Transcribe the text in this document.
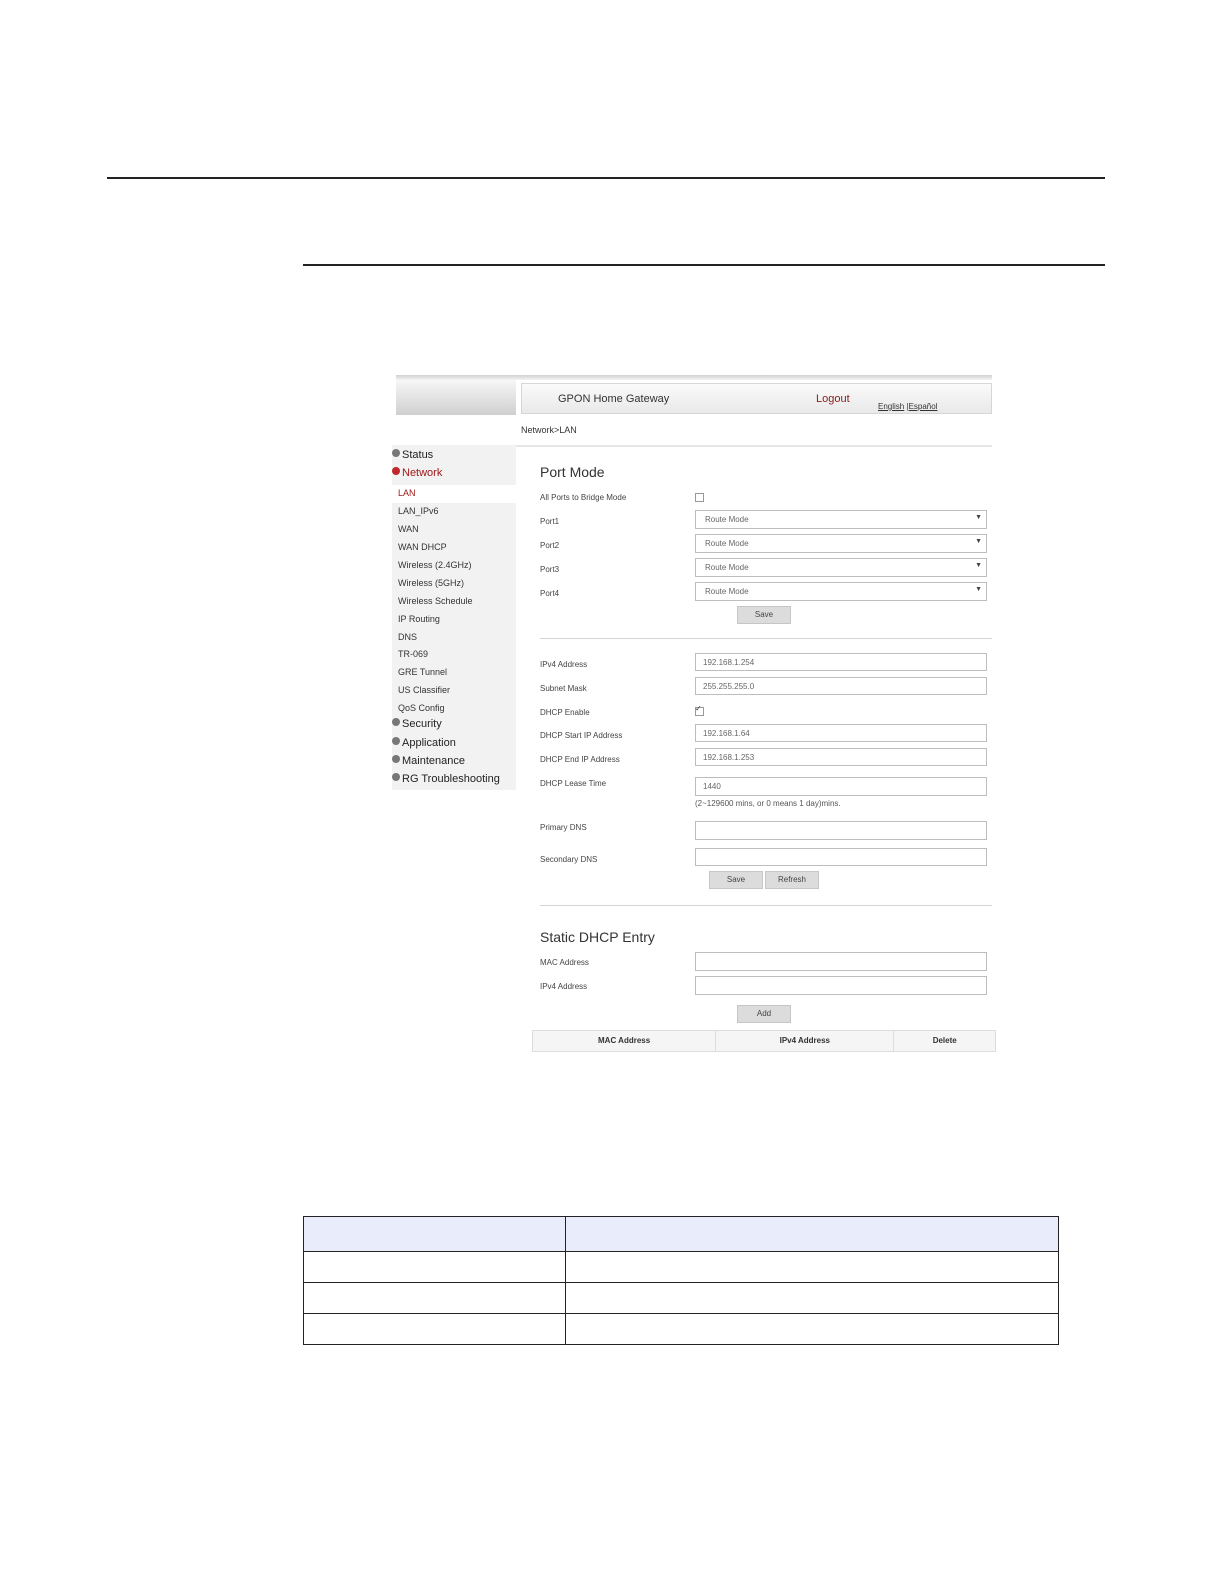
GPON Home Gateway	Logout
English |Español
Network>LAN
Status
Network
LAN
LAN_IPv6
WAN
WAN DHCP
Wireless (2.4GHz)
Wireless (5GHz)
Wireless Schedule
IP Routing
DNS
TR-069
GRE Tunnel
US Classifier
QoS Config
Security
Application
Maintenance
RG Troubleshooting
Port Mode
All Ports to Bridge Mode
Port1	Route Mode	▼
Port2	Route Mode	▼
Port3	Route Mode	▼
Port4	Route Mode	▼
Save
IPv4 Address	192.168.1.254
Subnet Mask	255.255.255.0
DHCP Enable
✓
DHCP Start IP Address	192.168.1.64
DHCP End IP Address	192.168.1.253
DHCP Lease Time	1440
(2~129600 mins, or 0 means 1 day)mins.
Primary DNS
Secondary DNS
Save	Refresh
Static DHCP Entry
MAC Address
IPv4 Address
Add
MAC Address	IPv4 Address	Delete
